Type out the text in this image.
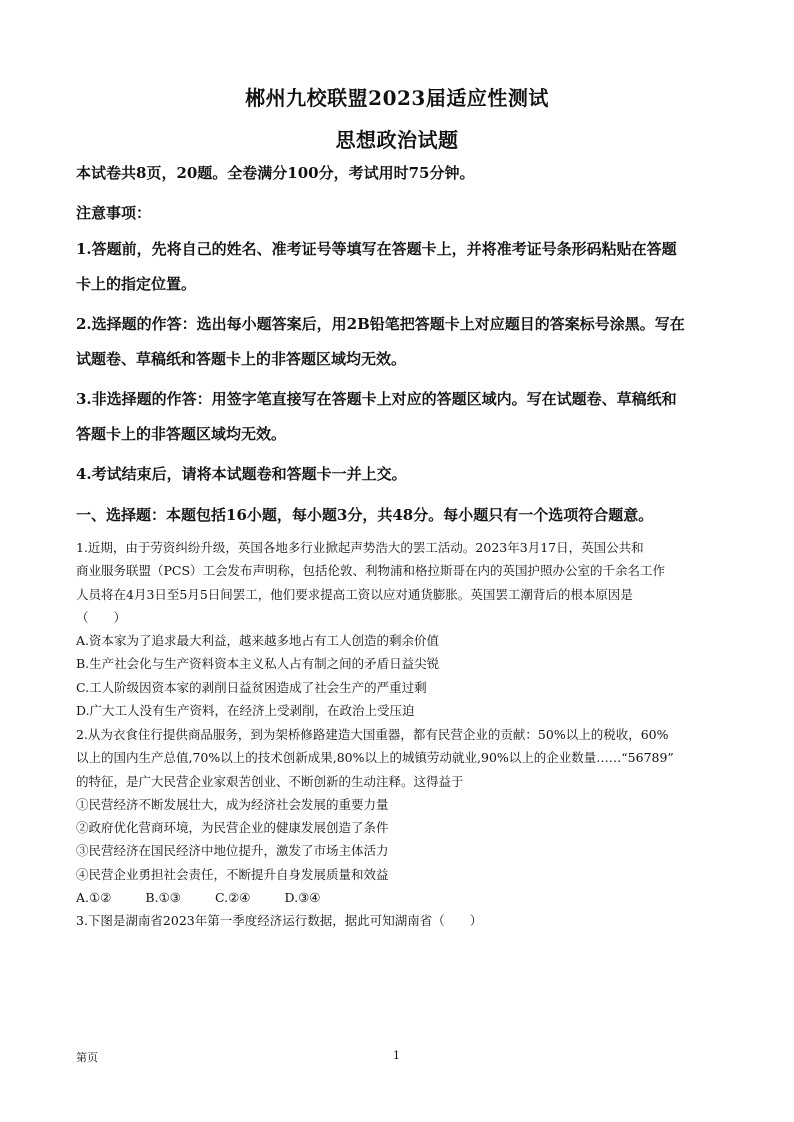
郴州九校联盟2023届适应性测试
思想政治试题
本试卷共8页，20题。全卷满分100分，考试用时75分钟。
注意事项：
1.答题前，先将自己的姓名、准考证号等填写在答题卡上，并将准考证号条形码粘贴在答题
卡上的指定位置。
2.选择题的作答：选出每小题答案后，用2B铅笔把答题卡上对应题目的答案标号涂黑。写在
试题卷、草稿纸和答题卡上的非答题区域均无效。
3.非选择题的作答：用签字笔直接写在答题卡上对应的答题区域内。写在试题卷、草稿纸和
答题卡上的非答题区域均无效。
4.考试结束后，请将本试题卷和答题卡一并上交。
一、选择题：本题包括16小题，每小题3分，共48分。每小题只有一个选项符合题意。
1.近期，由于劳资纠纷升级，英国各地多行业掀起声势浩大的罢工活动。2023年3月17日，英国公共和
商业服务联盟（PCS）工会发布声明称，包括伦敦、利物浦和格拉斯哥在内的英国护照办公室的千余名工作
人员将在4月3日至5月5日间罢工，他们要求提高工资以应对通货膨胀。英国罢工潮背后的根本原因是
（　　）
A.资本家为了追求最大利益，越来越多地占有工人创造的剩余价值
B.生产社会化与生产资料资本主义私人占有制之间的矛盾日益尖锐
C.工人阶级因资本家的剥削日益贫困造成了社会生产的严重过剩
D.广大工人没有生产资料，在经济上受剥削，在政治上受压迫
2.从为衣食住行提供商品服务，到为架桥修路建造大国重器，都有民营企业的贡献：50%以上的税收，60%
以上的国内生产总值,70%以上的技术创新成果,80%以上的城镇劳动就业,90%以上的企业数量……“56789”
的特征，是广大民营企业家艰苦创业、不断创新的生动注释。这得益于
①民营经济不断发展壮大，成为经济社会发展的重要力量
②政府优化营商环境，为民营企业的健康发展创造了条件
③民营经济在国民经济中地位提升，激发了市场主体活力
④民营企业勇担社会责任，不断提升自身发展质量和效益
A.①②	B.①③	C.②④	D.③④
3.下图是湖南省2023年第一季度经济运行数据，据此可知湖南省（　　）
第页	1
